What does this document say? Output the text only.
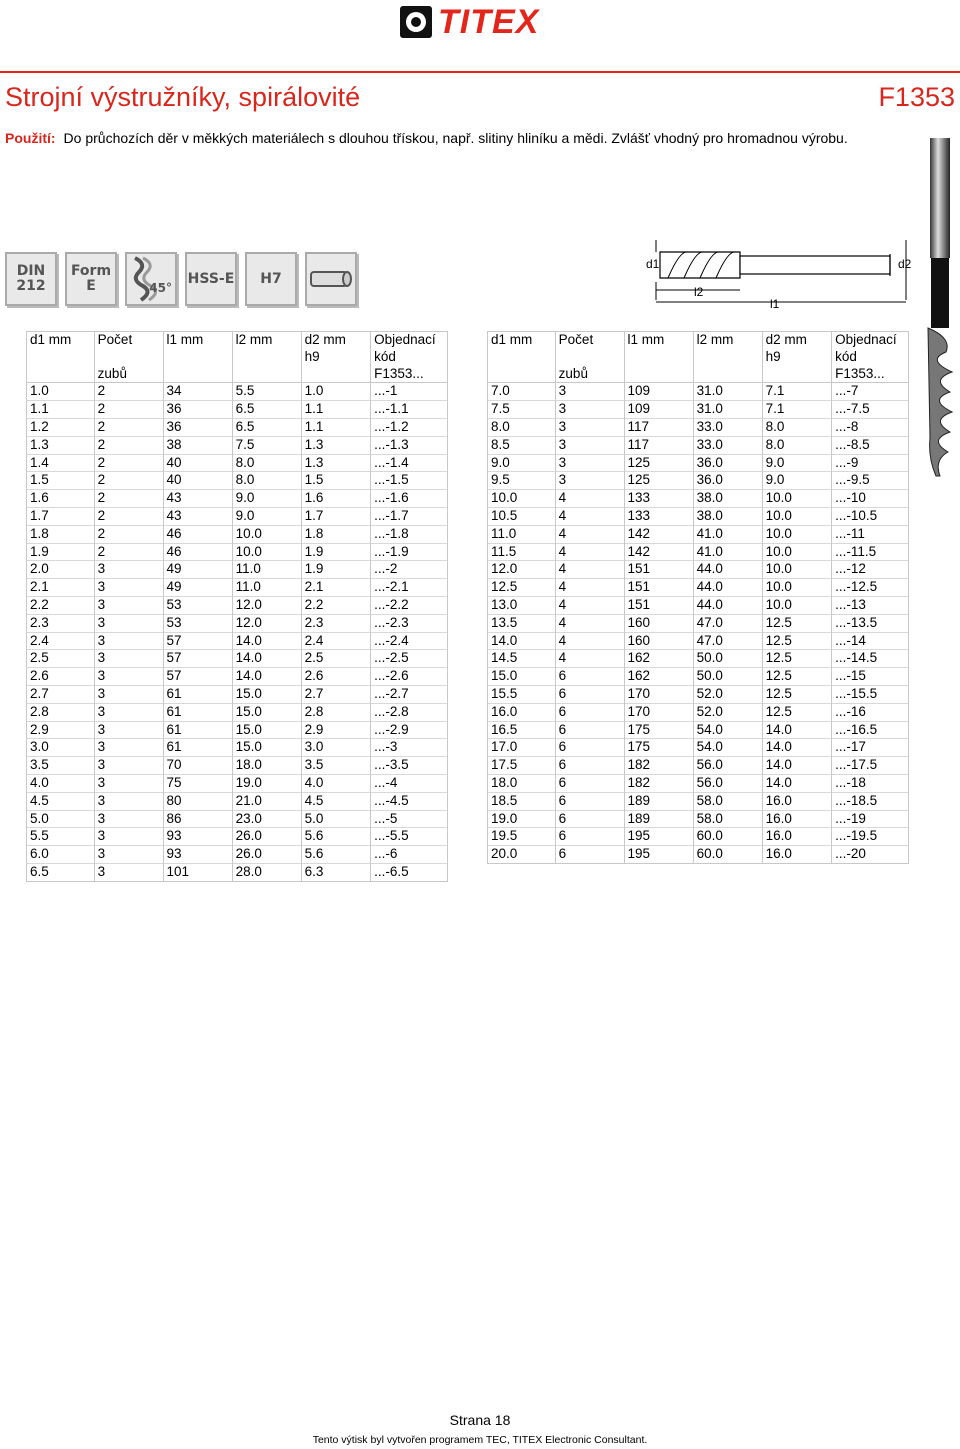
TITEX
Strojní výstružníky, spirálovité	F1353
Použití: Do průchozích děr v měkkých materiálech s dlouhou třískou, např. slitiny hliníku a mědi. Zvlášť vhodný pro hromadnou výrobu.
DIN 212
Form E	45°
HSS-E	H7
d1	d2
l2
l1
d1 mm	Počet	l1 mm	l2 mm	d2 mm	Objednací
				h9	kód
	zubů				F1353...
1.0	2	34	5.5	1.0	...-1
1.1	2	36	6.5	1.1	...-1.1
1.2	2	36	6.5	1.1	...-1.2
1.3	2	38	7.5	1.3	...-1.3
1.4	2	40	8.0	1.3	...-1.4
1.5	2	40	8.0	1.5	...-1.5
1.6	2	43	9.0	1.6	...-1.6
1.7	2	43	9.0	1.7	...-1.7
1.8	2	46	10.0	1.8	...-1.8
1.9	2	46	10.0	1.9	...-1.9
2.0	3	49	11.0	1.9	...-2
2.1	3	49	11.0	2.1	...-2.1
2.2	3	53	12.0	2.2	...-2.2
2.3	3	53	12.0	2.3	...-2.3
2.4	3	57	14.0	2.4	...-2.4
2.5	3	57	14.0	2.5	...-2.5
2.6	3	57	14.0	2.6	...-2.6
2.7	3	61	15.0	2.7	...-2.7
2.8	3	61	15.0	2.8	...-2.8
2.9	3	61	15.0	2.9	...-2.9
3.0	3	61	15.0	3.0	...-3
3.5	3	70	18.0	3.5	...-3.5
4.0	3	75	19.0	4.0	...-4
4.5	3	80	21.0	4.5	...-4.5
5.0	3	86	23.0	5.0	...-5
5.5	3	93	26.0	5.6	...-5.5
6.0	3	93	26.0	5.6	...-6
6.5	3	101	28.0	6.3	...-6.5
d1 mm	Počet	l1 mm	l2 mm	d2 mm	Objednací
				h9	kód
	zubů				F1353...
7.0	3	109	31.0	7.1	...-7
7.5	3	109	31.0	7.1	...-7.5
8.0	3	117	33.0	8.0	...-8
8.5	3	117	33.0	8.0	...-8.5
9.0	3	125	36.0	9.0	...-9
9.5	3	125	36.0	9.0	...-9.5
10.0	4	133	38.0	10.0	...-10
10.5	4	133	38.0	10.0	...-10.5
11.0	4	142	41.0	10.0	...-11
11.5	4	142	41.0	10.0	...-11.5
12.0	4	151	44.0	10.0	...-12
12.5	4	151	44.0	10.0	...-12.5
13.0	4	151	44.0	10.0	...-13
13.5	4	160	47.0	12.5	...-13.5
14.0	4	160	47.0	12.5	...-14
14.5	4	162	50.0	12.5	...-14.5
15.0	6	162	50.0	12.5	...-15
15.5	6	170	52.0	12.5	...-15.5
16.0	6	170	52.0	12.5	...-16
16.5	6	175	54.0	14.0	...-16.5
17.0	6	175	54.0	14.0	...-17
17.5	6	182	56.0	14.0	...-17.5
18.0	6	182	56.0	14.0	...-18
18.5	6	189	58.0	16.0	...-18.5
19.0	6	189	58.0	16.0	...-19
19.5	6	195	60.0	16.0	...-19.5
20.0	6	195	60.0	16.0	...-20
Strana 18
Tento výtisk byl vytvořen programem TEC, TITEX Electronic Consultant.
